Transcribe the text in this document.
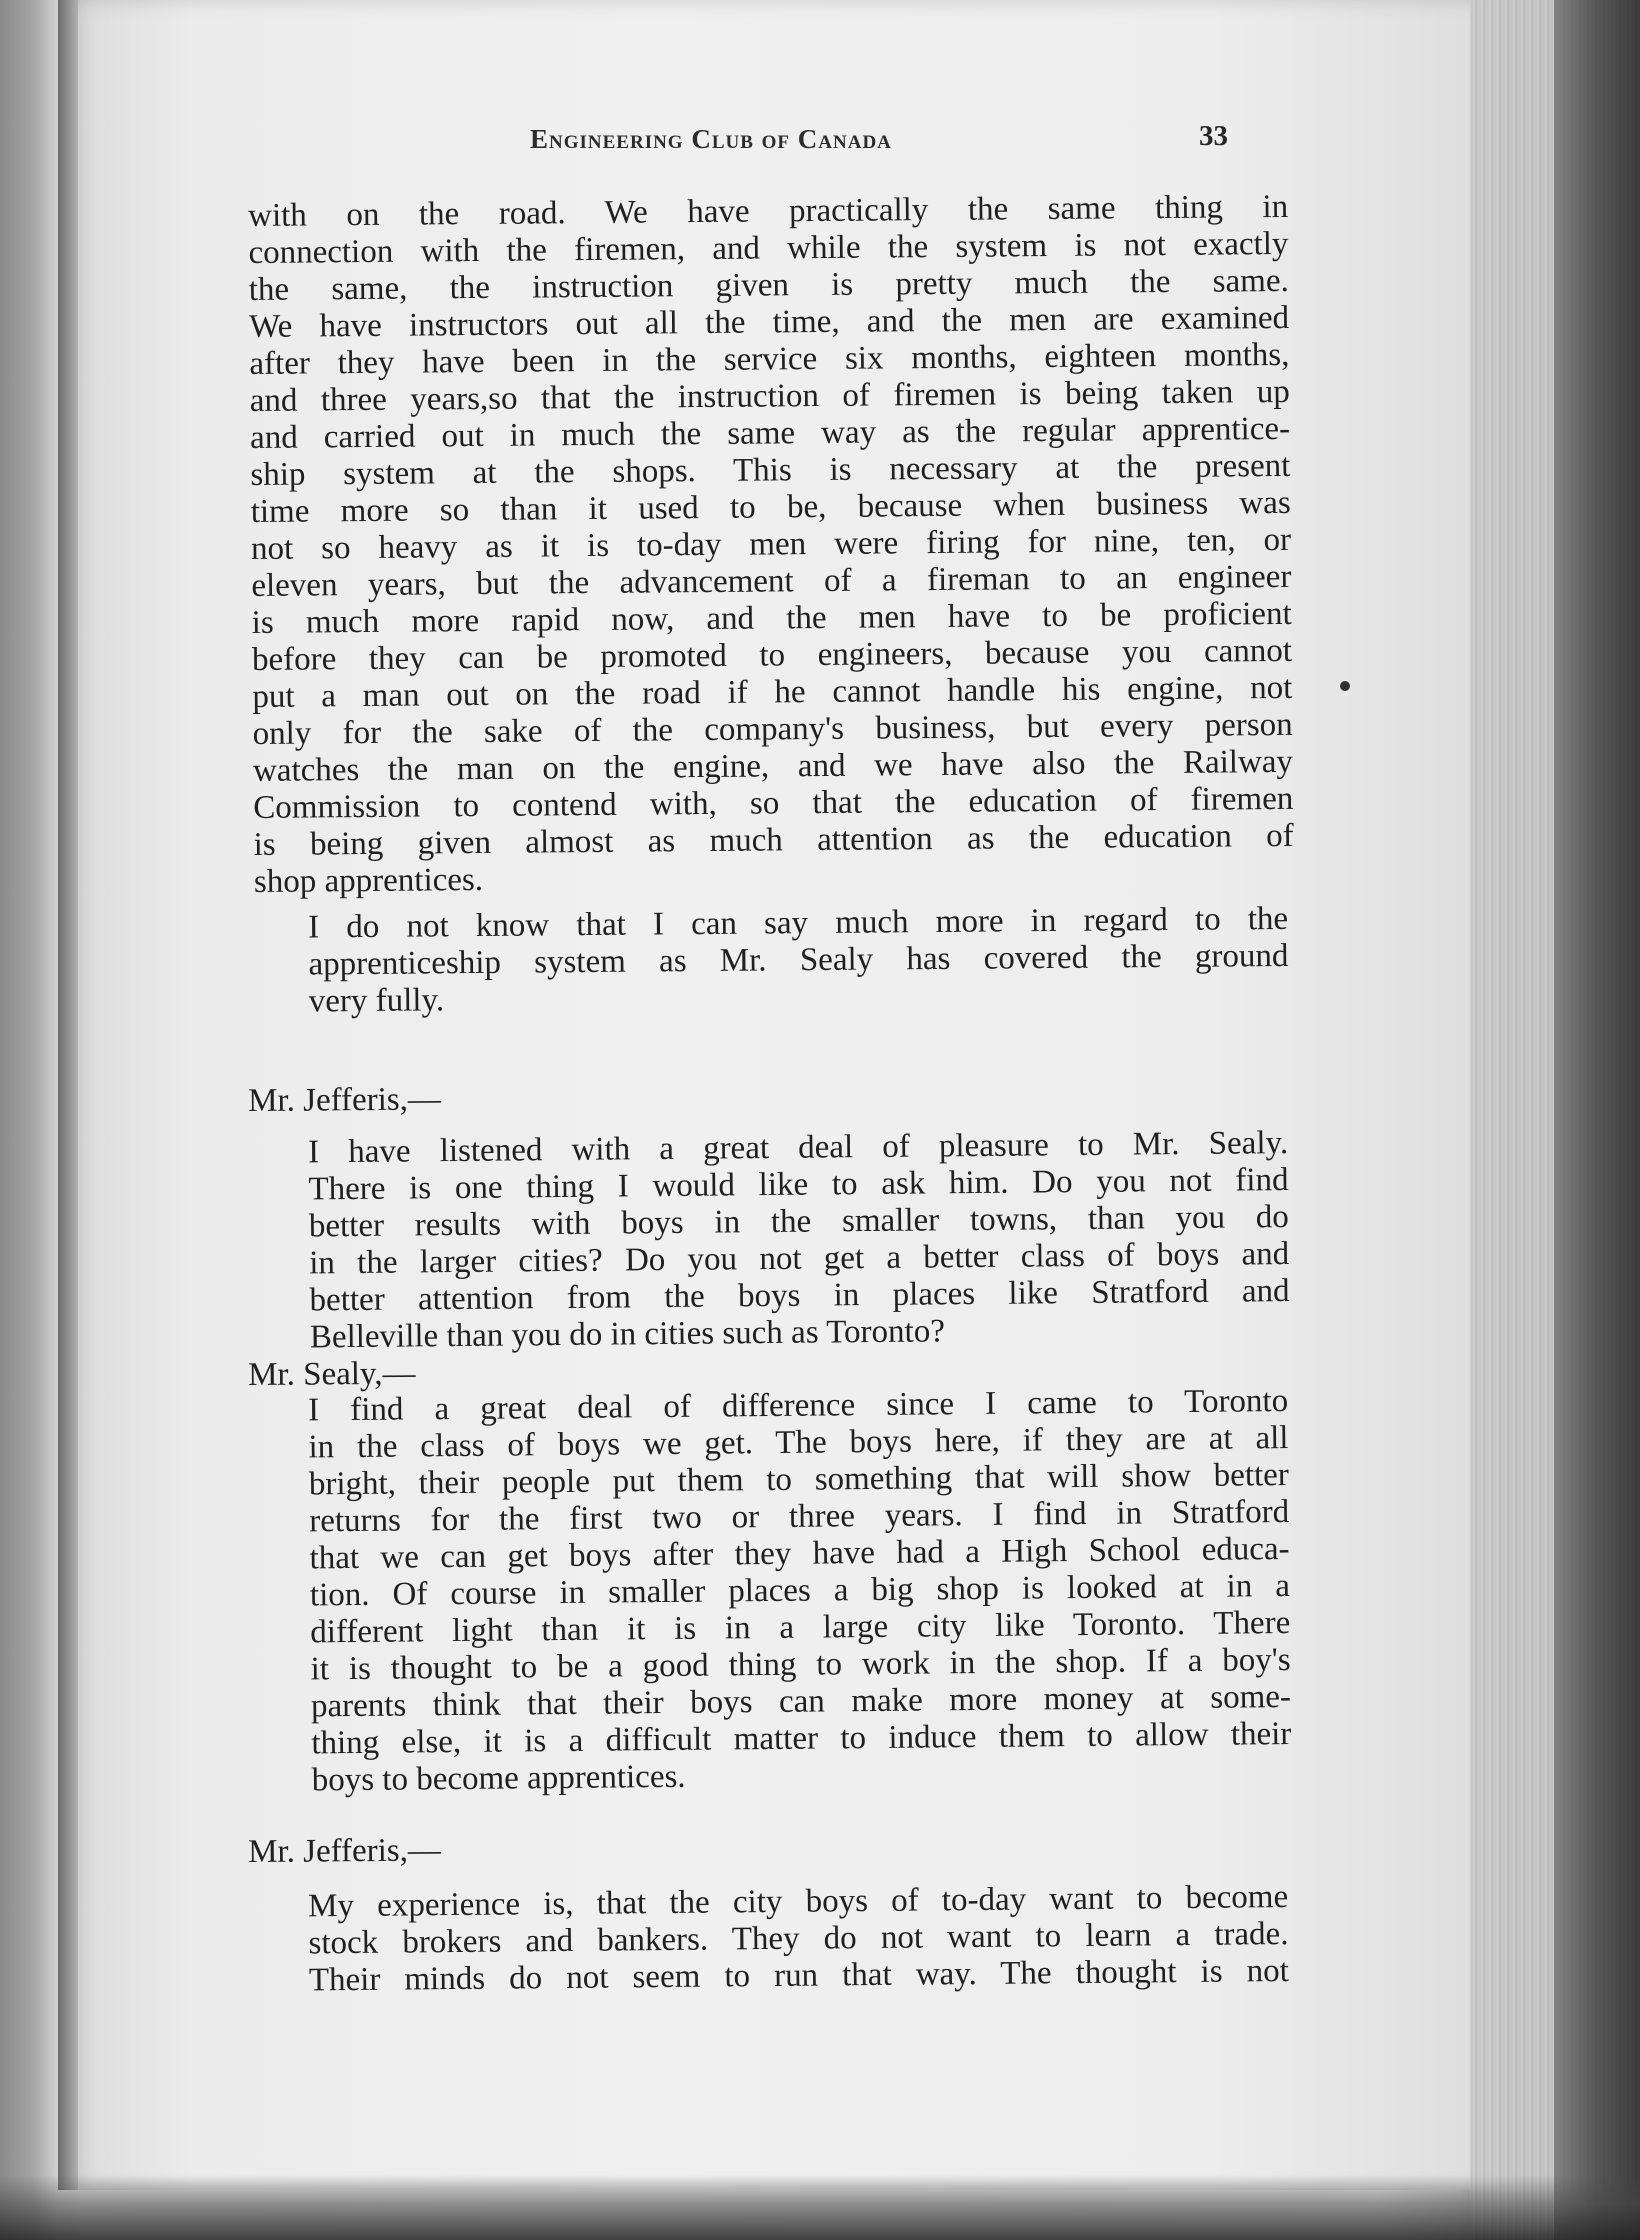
Engineering Club of Canada	33
with on the road. We have practically the same thing in
connection with the firemen, and while the system is not exactly
the same, the instruction given is pretty much the same.
We have instructors out all the time, and the men are examined
after they have been in the service six months, eighteen months,
and three years,so that the instruction of firemen is being taken up
and carried out in much the same way as the regular apprentice-
ship system at the shops. This is necessary at the present
time more so than it used to be, because when business was
not so heavy as it is to-day men were firing for nine, ten, or
eleven years, but the advancement of a fireman to an engineer
is much more rapid now, and the men have to be proficient
before they can be promoted to engineers, because you cannot
put a man out on the road if he cannot handle his engine, not
only for the sake of the company's business, but every person
watches the man on the engine, and we have also the Railway
Commission to contend with, so that the education of firemen
is being given almost as much attention as the education of
shop apprentices.
I do not know that I can say much more in regard to the
apprenticeship system as Mr. Sealy has covered the ground
very fully.
Mr. Jefferis,—
I have listened with a great deal of pleasure to Mr. Sealy.
There is one thing I would like to ask him. Do you not find
better results with boys in the smaller towns, than you do
in the larger cities? Do you not get a better class of boys and
better attention from the boys in places like Stratford and
Belleville than you do in cities such as Toronto?
Mr. Sealy,—
I find a great deal of difference since I came to Toronto
in the class of boys we get. The boys here, if they are at all
bright, their people put them to something that will show better
returns for the first two or three years. I find in Stratford
that we can get boys after they have had a High School educa-
tion. Of course in smaller places a big shop is looked at in a
different light than it is in a large city like Toronto. There
it is thought to be a good thing to work in the shop. If a boy's
parents think that their boys can make more money at some-
thing else, it is a difficult matter to induce them to allow their
boys to become apprentices.
Mr. Jefferis,—
My experience is, that the city boys of to-day want to become
stock brokers and bankers. They do not want to learn a trade.
Their minds do not seem to run that way. The thought is not
